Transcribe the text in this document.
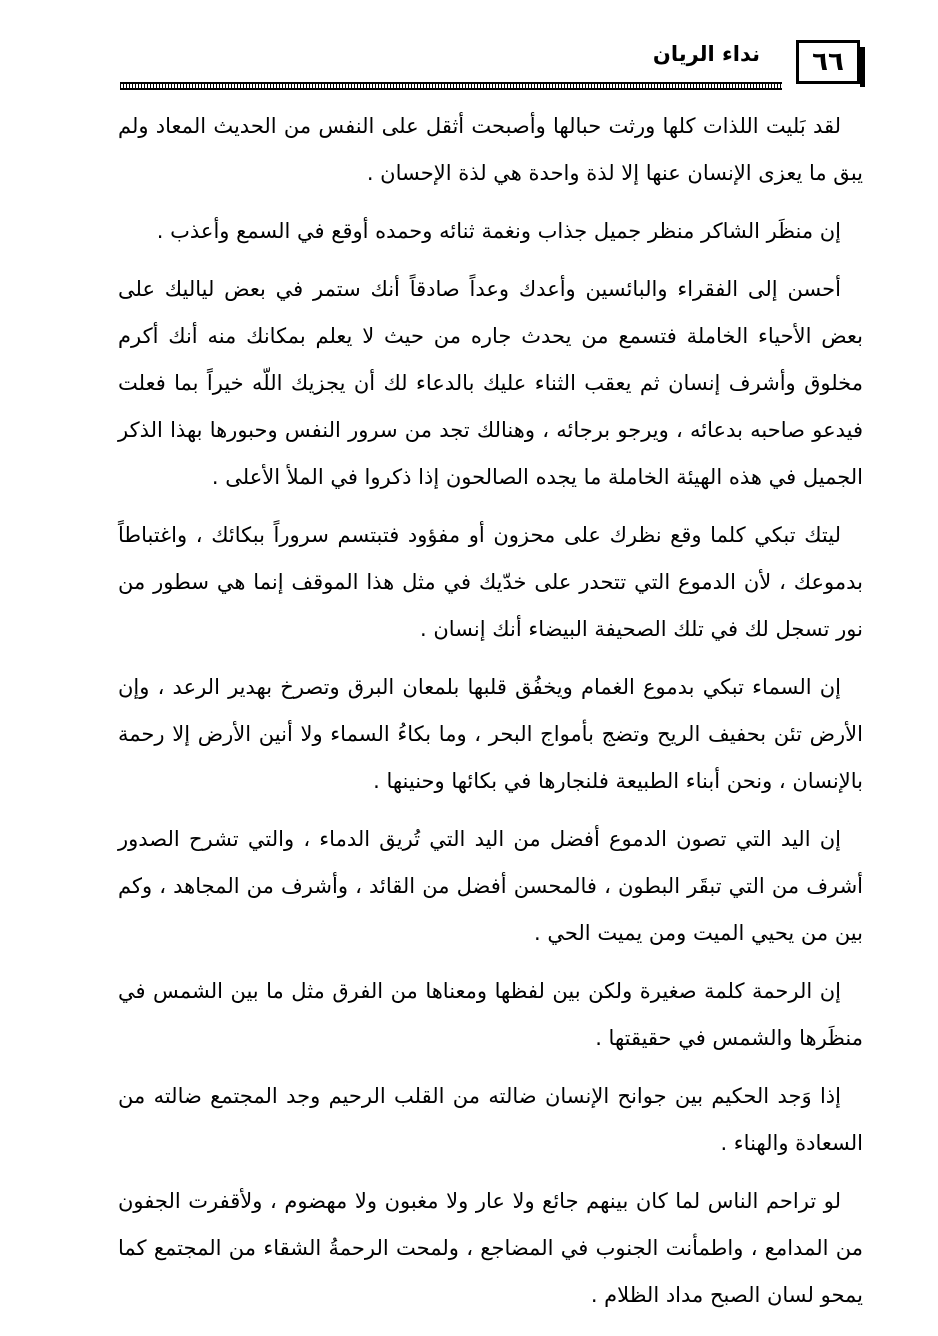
٦٦
نداء الريان

لقد بَليت اللذات كلها ورثت حبالها وأصبحت أثقل على النفس من الحديث المعاد ولم يبق ما يعزى الإنسان عنها إلا لذة واحدة هي لذة الإحسان .

إن منظَر الشاكر منظر جميل جذاب ونغمة ثنائه وحمده أوقع في السمع وأعذب .

أحسن إلى الفقراء والبائسين وأعدك وعداً صادقاً أنك ستمر في بعض لياليك على بعض الأحياء الخاملة فتسمع من يحدث جاره من حيث لا يعلم بمكانك منه أنك أكرم مخلوق وأشرف إنسان ثم يعقب الثناء عليك بالدعاء لك أن يجزيك اللّه خيراً بما فعلت فيدعو صاحبه بدعائه ، ويرجو برجائه ، وهنالك تجد من سرور النفس وحبورها بهذا الذكر الجميل في هذه الهيئة الخاملة ما يجده الصالحون إذا ذكروا في الملأ الأعلى .

ليتك تبكي كلما وقع نظرك على محزون أو مفؤود فتبتسم سروراً ببكائك ، واغتباطاً بدموعك ، لأن الدموع التي تتحدر على خدّيك في مثل هذا الموقف إنما هي سطور من نور تسجل لك في تلك الصحيفة البيضاء أنك إنسان .

إن السماء تبكي بدموع الغمام ويخفُق قلبها بلمعان البرق وتصرخ بهدير الرعد ، وإن الأرض تئن بحفيف الريح وتضج بأمواج البحر ، وما بكاءُ السماء ولا أنين الأرض إلا رحمة بالإنسان ، ونحن أبناء الطبيعة فلنجارها في بكائها وحنينها .

إن اليد التي تصون الدموع أفضل من اليد التي تُريق الدماء ، والتي تشرح الصدور أشرف من التي تبقَر البطون ، فالمحسن أفضل من القائد ، وأشرف من المجاهد ، وكم بين من يحيي الميت ومن يميت الحي .

إن الرحمة كلمة صغيرة ولكن بين لفظها ومعناها من الفرق مثل ما بين الشمس في منظَرها والشمس في حقيقتها .

إذا وَجد الحكيم بين جوانح الإنسان ضالته من القلب الرحيم وجد المجتمع ضالته من السعادة والهناء .

لو تراحم الناس لما كان بينهم جائع ولا عار ولا مغبون ولا مهضوم ، ولأقفرت الجفون من المدامع ، واطمأنت الجنوب في المضاجع ، ولمحت الرحمةُ الشقاء من المجتمع كما يمحو لسان الصبح مداد الظلام .
